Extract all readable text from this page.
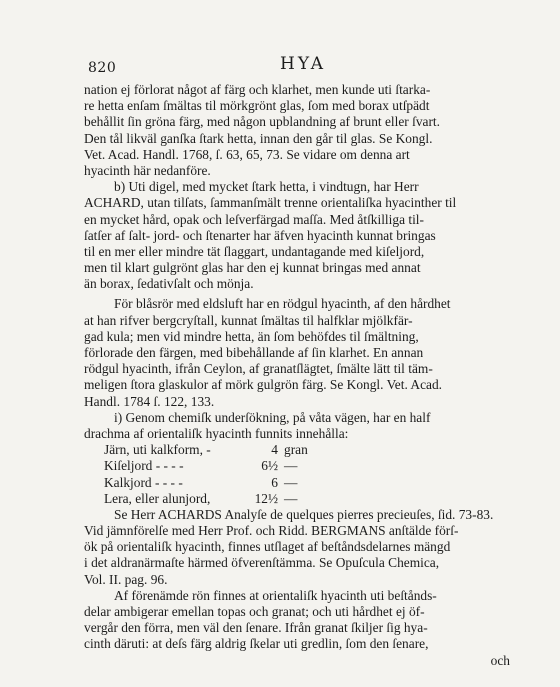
820	HYA
nation ej förlorat något af färg och klarhet, men kunde uti ſtarka-
re hetta enſam ſmältas til mörkgrönt glas, ſom med borax utſpädt
behållit ſin gröna färg, med någon upblandning af brunt eller ſvart.
Den tål likväl ganſka ſtark hetta, innan den går til glas. Se Kongl.
Vet. Acad. Handl. 1768, ſ. 63, 65, 73. Se vidare om denna art
hyacinth här nedanföre.
b) Uti digel, med mycket ſtark hetta, i vindtugn, har Herr
ACHARD, utan tilſats, ſammanſmält trenne orientaliſka hyacinther til
en mycket hård, opak och leſverfärgad maſſa. Med åtſkilliga til-
ſatſer af ſalt- jord- och ſtenarter har äfven hyacinth kunnat bringas
til en mer eller mindre tät ſlaggart, undantagande med kiſeljord,
men til klart gulgrönt glas har den ej kunnat bringas med annat
än borax, ſedativſalt och mönja.
För blåsrör med eldsluft har en rödgul hyacinth, af den hårdhet
at han rifver bergcryſtall, kunnat ſmältas til halfklar mjölkfär-
gad kula; men vid mindre hetta, än ſom behöfdes til ſmältning,
förlorade den färgen, med bibehållande af ſin klarhet. En annan
rödgul hyacinth, ifrån Ceylon, af granatſlägtet, ſmälte lätt til täm-
meligen ſtora glaskulor af mörk gulgrön färg. Se Kongl. Vet. Acad.
Handl. 1784 ſ. 122, 133.
i) Genom chemiſk underſökning, på våta vägen, har en half
drachma af orientaliſk hyacinth funnits innehålla:
Järn, uti kalkform, -	4 gran
Kiſeljord - - - -	6½ —
Kalkjord - - - -	6 —
Lera, eller alunjord,	12½ —
Se Herr ACHARDS Analyſe de quelques pierres precieuſes, ſid. 73-83.
Vid jämnförelſe med Herr Prof. och Ridd. BERGMANS anſtälde förſ-
ök på orientaliſk hyacinth, finnes utſlaget af beſtåndsdelarnes mängd
i det aldranärmaſte härmed öfverenſtämma. Se Opuſcula Chemica,
Vol. II. pag. 96.
Af förenämde rön finnes at orientaliſk hyacinth uti beſtånds-
delar ambigerar emellan topas och granat; och uti hårdhet ej öf-
vergår den förra, men väl den ſenare. Ifrån granat ſkiljer ſig hya-
cinth däruti: at deſs färg aldrig ſkelar uti gredlin, ſom den ſenare,
och
